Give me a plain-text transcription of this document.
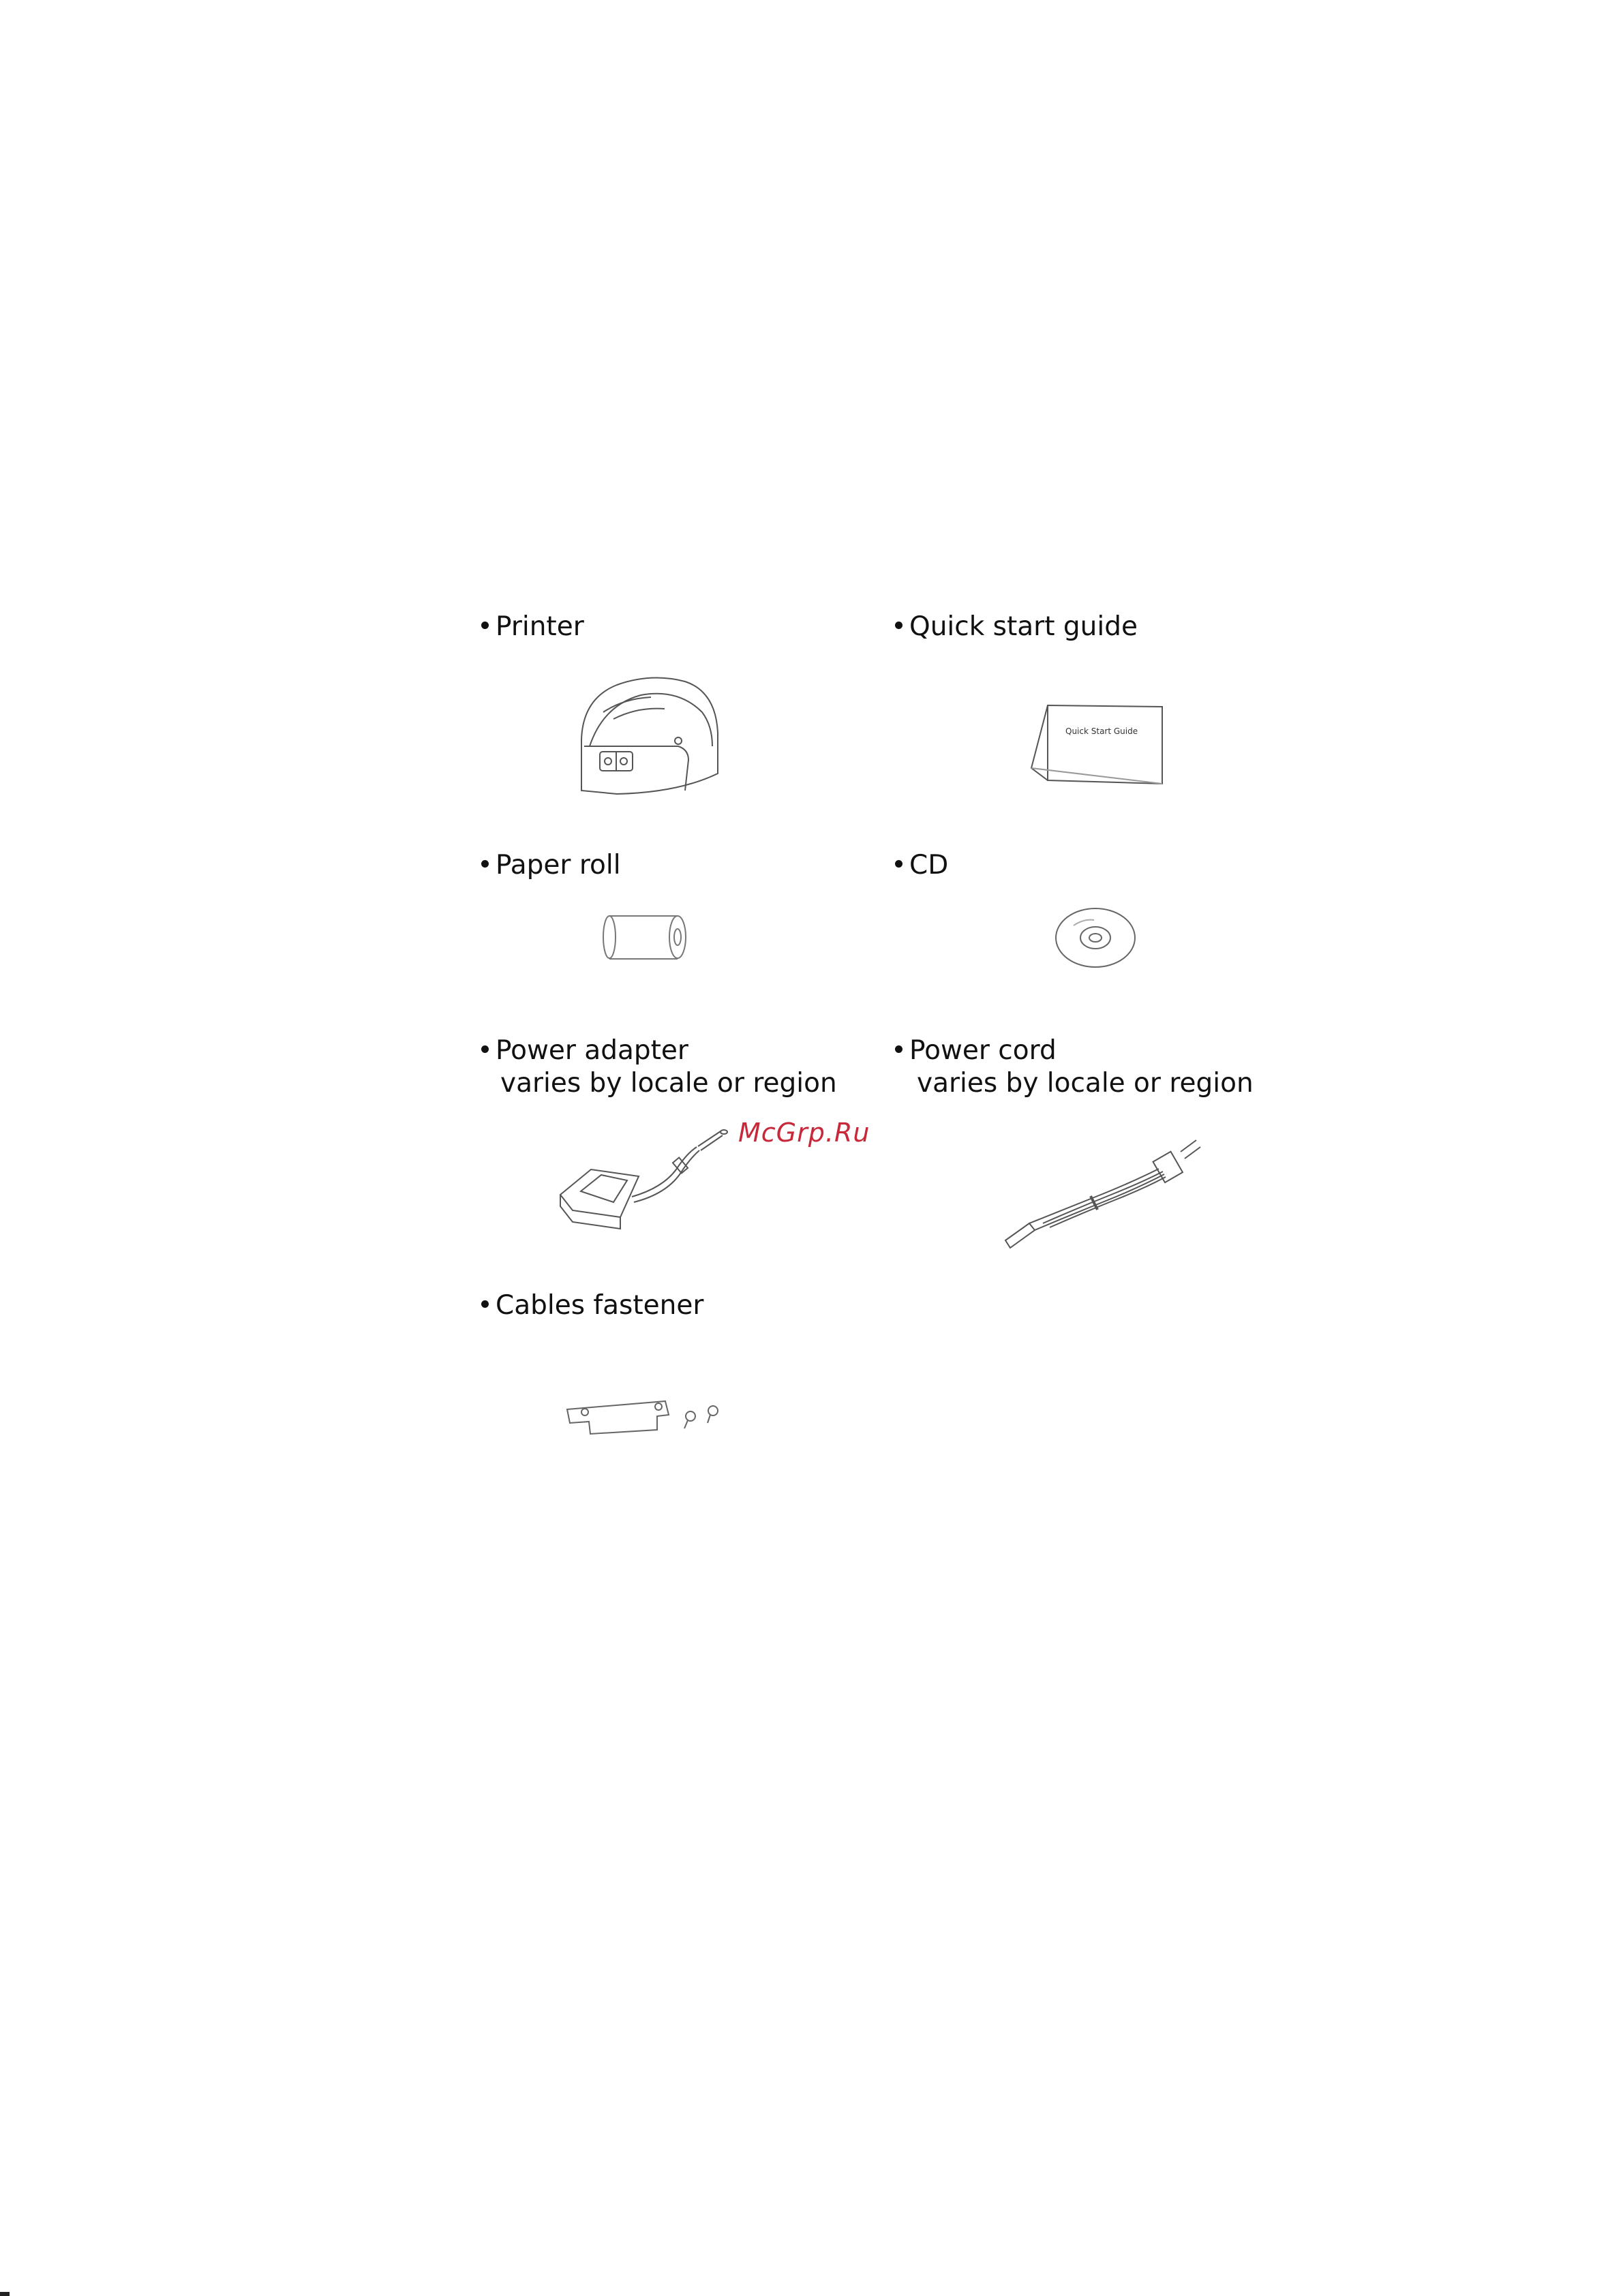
Printer	Quick start guide
Quick Start Guide
Paper roll	CD
Power adapter
varies by locale or region
Power cord
varies by locale or region
Cables fastener
McGrp.Ru
